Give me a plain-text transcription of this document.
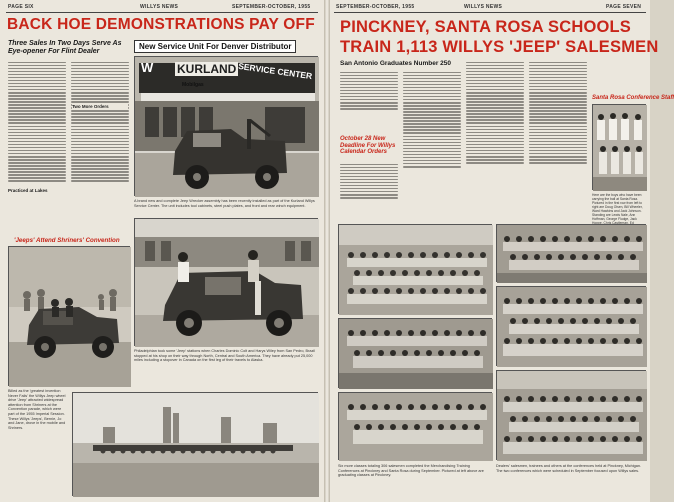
PAGE SIX	WILLYS NEWS	SEPTEMBER-OCTOBER, 1955
BACK HOE DEMONSTRATIONS PAY OFF
Three Sales In Two Days Serve As Eye-opener For Flint Dealer
Practiced at Lakes
Two More Orders
'Jeeps' Attend Shriners' Convention
Billed as the 'greatest invention Never Fails' the Willys Jeep wheel drive 'Jeep' attracted widespread attention from Shriners at the Convention parade, which were part of the 1955 Imperial Session. These Willys 'Jeeps', Bernie, Jo and Jane, drove in the mobile and Shriners.
New Service Unit For Denver Distributor
W KURLAND SERVICE CENTER
Mobilgas
A brand new and complete Jeep Wrecker assembly has been recently installed as part of the Kurland Willys Service Center. The unit includes tool cabinets, steel push plates, and front and rear winch equipment.
Philadelphian took some 'Jeep' stations when Charles Dominic Colt and Harys Wiley from San Pedro, Brazil stopped at his shop on their way through North, Central and South America. They have already put 25,000 miles including a stopover in Canada on the first leg of their travels to Alaska.
SEPTEMBER-OCTOBER, 1955	WILLYS NEWS	PAGE SEVEN
PINCKNEY, SANTA ROSA SCHOOLS
TRAIN 1,113 WILLYS 'JEEP' SALESMEN
San Antonio Graduates Number 250
October 28 New Deadline For Willys Calendar Orders
Santa Rosa Conference Staff
Here are the boys who have been carrying the ball at Santa Rosa. Pictured in the first row from left to right are Doug Olsen, Bill Wheeler, Ward Hawkins and Jack Johnson. Standing are Lewis Nale, Ann Hoffman, George Fludge, Jack Hoppe, Chris Castleman, Ed
Six more classes totaling 306 salesmen completed the Merchandising Training Conferences at Pinckney and Santa Rosa during September. Pictured at left above are graduating classes at Pinckney.
Dealers' salesmen, trainees and others at the conferences held at Pinckney, Michigan. The two conferences which were scheduled in September focused upon Willys sales.
